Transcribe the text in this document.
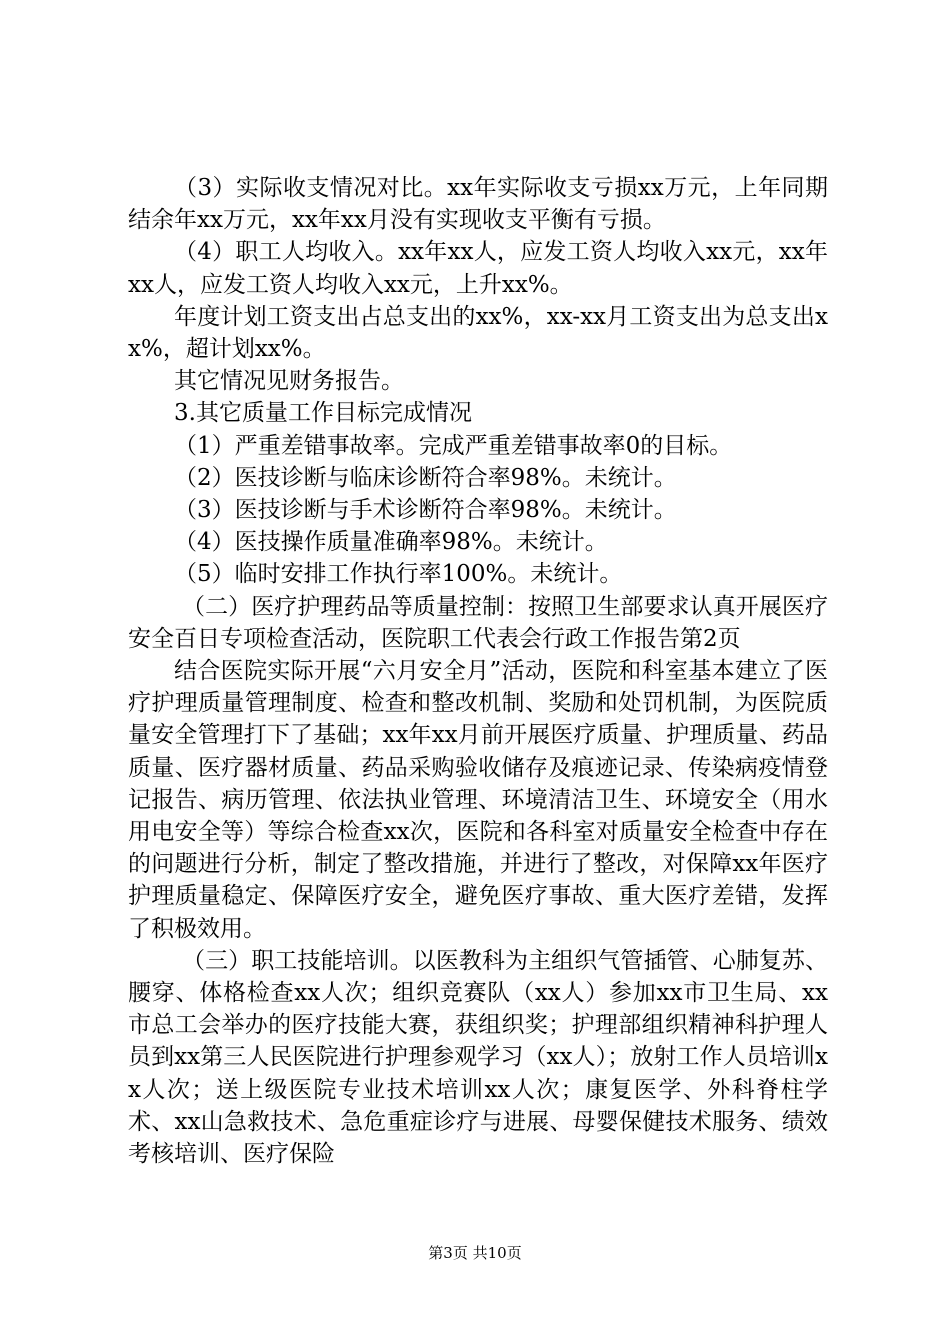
（3）实际收支情况对比。xx年实际收支亏损xx万元，上年同期结余年xx万元，xx年xx月没有实现收支平衡有亏损。

（4）职工人均收入。xx年xx人，应发工资人均收入xx元，xx年xx人，应发工资人均收入xx元，上升xx%。

年度计划工资支出占总支出的xx%，xx-xx月工资支出为总支出xx%，超计划xx%。

其它情况见财务报告。

3.其它质量工作目标完成情况

（1）严重差错事故率。完成严重差错事故率0的目标。

（2）医技诊断与临床诊断符合率98%。未统计。

（3）医技诊断与手术诊断符合率98%。未统计。

（4）医技操作质量准确率98%。未统计。

（5）临时安排工作执行率100%。未统计。

（二）医疗护理药品等质量控制：按照卫生部要求认真开展医疗安全百日专项检查活动，医院职工代表会行政工作报告第2页

结合医院实际开展“六月安全月”活动，医院和科室基本建立了医疗护理质量管理制度、检查和整改机制、奖励和处罚机制，为医院质量安全管理打下了基础；xx年xx月前开展医疗质量、护理质量、药品质量、医疗器材质量、药品采购验收储存及痕迹记录、传染病疫情登记报告、病历管理、依法执业管理、环境清洁卫生、环境安全（用水用电安全等）等综合检查xx次，医院和各科室对质量安全检查中存在的问题进行分析，制定了整改措施，并进行了整改，对保障xx年医疗护理质量稳定、保障医疗安全，避免医疗事故、重大医疗差错，发挥了积极效用。

（三）职工技能培训。以医教科为主组织气管插管、心肺复苏、腰穿、体格检查xx人次；组织竞赛队（xx人）参加xx市卫生局、xx市总工会举办的医疗技能大赛，获组织奖；护理部组织精神科护理人员到xx第三人民医院进行护理参观学习（xx人）；放射工作人员培训xx人次；送上级医院专业技术培训xx人次；康复医学、外科脊柱学术、xx山急救技术、急危重症诊疗与进展、母婴保健技术服务、绩效考核培训、医疗保险

第3页 共10页
